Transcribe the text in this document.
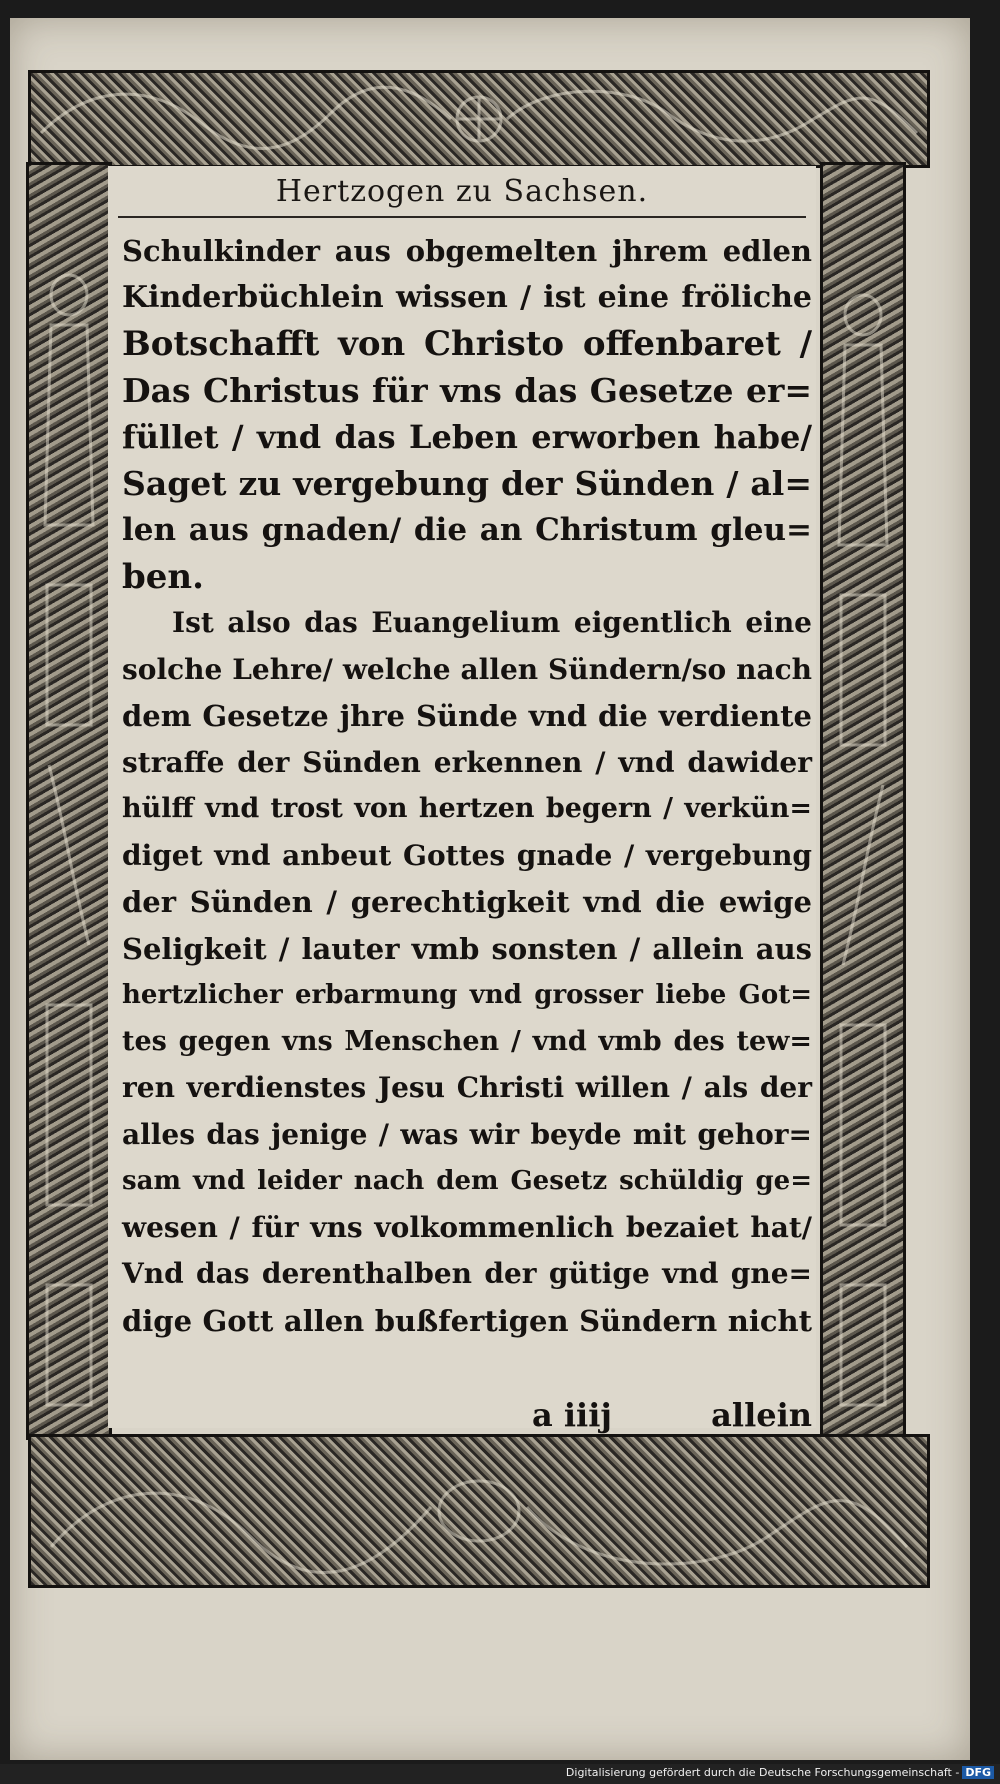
Hertzogen zu Sachsen.
Schulkinder aus obgemelten jhrem edlen
Kinderbüchlein wissen / ist eine fröliche
Botschafft von Christo offenbaret /
Das Christus für vns das Gesetze er=
füllet / vnd das Leben erworben habe/
Saget zu vergebung der Sünden / al=
len aus gnaden/ die an Christum gleu=
ben.
Ist also das Euangelium eigentlich eine
solche Lehre/ welche allen Sündern/so nach
dem Gesetze jhre Sünde vnd die verdiente
straffe der Sünden erkennen / vnd dawider
hülff vnd trost von hertzen begern / verkün=
diget vnd anbeut Gottes gnade / vergebung
der Sünden / gerechtigkeit vnd die ewige
Seligkeit / lauter vmb sonsten / allein aus
hertzlicher erbarmung vnd grosser liebe Got=
tes gegen vns Menschen / vnd vmb des tew=
ren verdienstes Jesu Christi willen / als der
alles das jenige / was wir beyde mit gehor=
sam vnd leider nach dem Gesetz schüldig ge=
wesen / für vns volkommenlich bezaiet hat/
Vnd das derenthalben der gütige vnd gne=
dige Gott allen bußfertigen Sündern nicht
a iiij	allein
Digitalisierung gefördert durch die Deutsche Forschungsgemeinschaft - DFG
